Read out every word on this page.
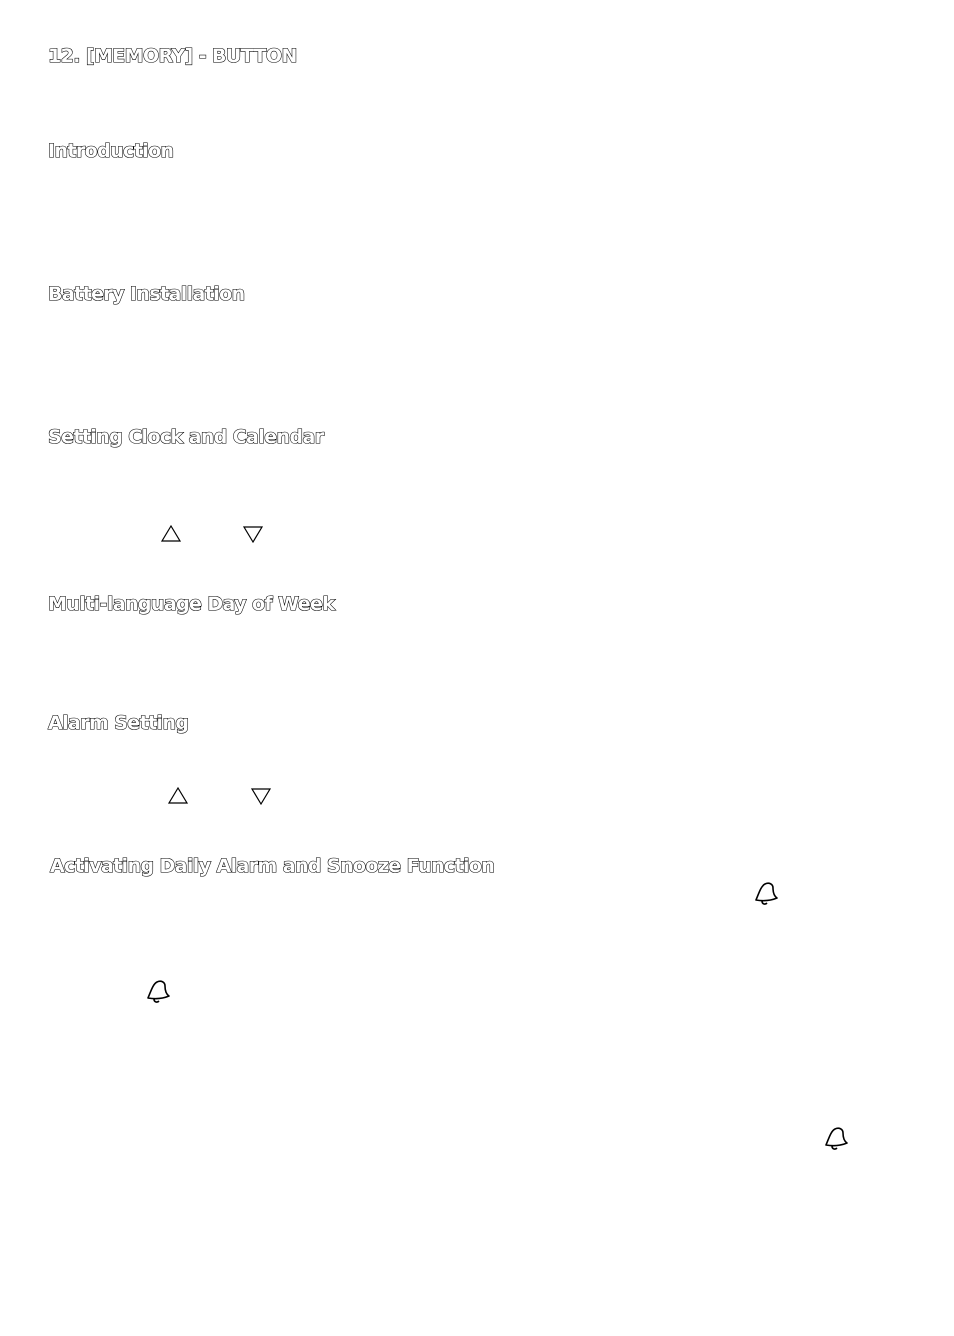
12. [MEMORY] - BUTTON
Introduction
Battery Installation
Setting Clock and Calendar
Multi-language Day of Week
Alarm Setting
Activating Daily Alarm and Snooze Function
